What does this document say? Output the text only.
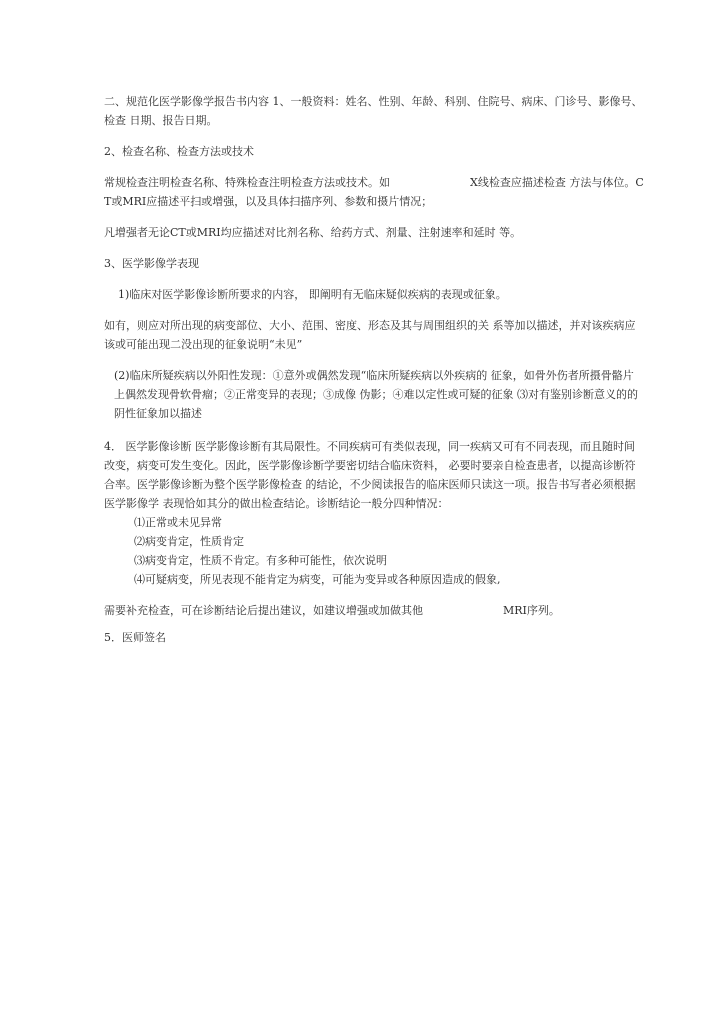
二、规范化医学影像学报告书内容 1、一般资料：姓名、性别、年龄、科别、住院号、病床、门诊号、影像号、检查 日期、报告日期。

2、检查名称、检查方法或技术

常规检查注明检查名称、特殊检查注明检查方法或技术。如	X线检查应描述检查 方法与体位。CT或MRI应描述平扫或增强，以及具体扫描序列、参数和摄片情况；

凡增强者无论CT或MRI均应描述对比剂名称、给药方式、剂量、注射速率和延时 等。

3、医学影像学表现

1)临床对医学影像诊断所要求的内容， 即阐明有无临床疑似疾病的表现或征象。

如有，则应对所出现的病变部位、大小、范围、密度、形态及其与周围组织的关 系等加以描述，并对该疾病应该或可能出现二没出现的征象说明“未见”

(2)临床所疑疾病以外阳性发现：①意外或偶然发现“临床所疑疾病以外疾病的 征象，如骨外伤者所摄骨骼片上偶然发现骨软骨瘤；②正常变异的表现；③成像 伪影；④难以定性或可疑的征象 ⑶对有鉴别诊断意义的的阴性征象加以描述

4． 医学影像诊断 医学影像诊断有其局限性。不同疾病可有类似表现，同一疾病又可有不同表现，而且随时间改变，病变可发生变化。因此，医学影像诊断学要密切结合临床资料， 必要时要亲自检查患者，以提高诊断符合率。医学影像诊断为整个医学影像检查 的结论，不少阅读报告的临床医师只读这一项。报告书写者必须根据医学影像学 表现恰如其分的做出检查结论。诊断结论一般分四种情况：

⑴正常或未见异常

⑵病变肯定，性质肯定

⑶病变肯定，性质不肯定。有多种可能性，依次说明

⑷可疑病变，所见表现不能肯定为病变，可能为变异或各种原因造成的假象,

需要补充检查，可在诊断结论后提出建议，如建议增强或加做其他	MRI序列。

5．医师签名
